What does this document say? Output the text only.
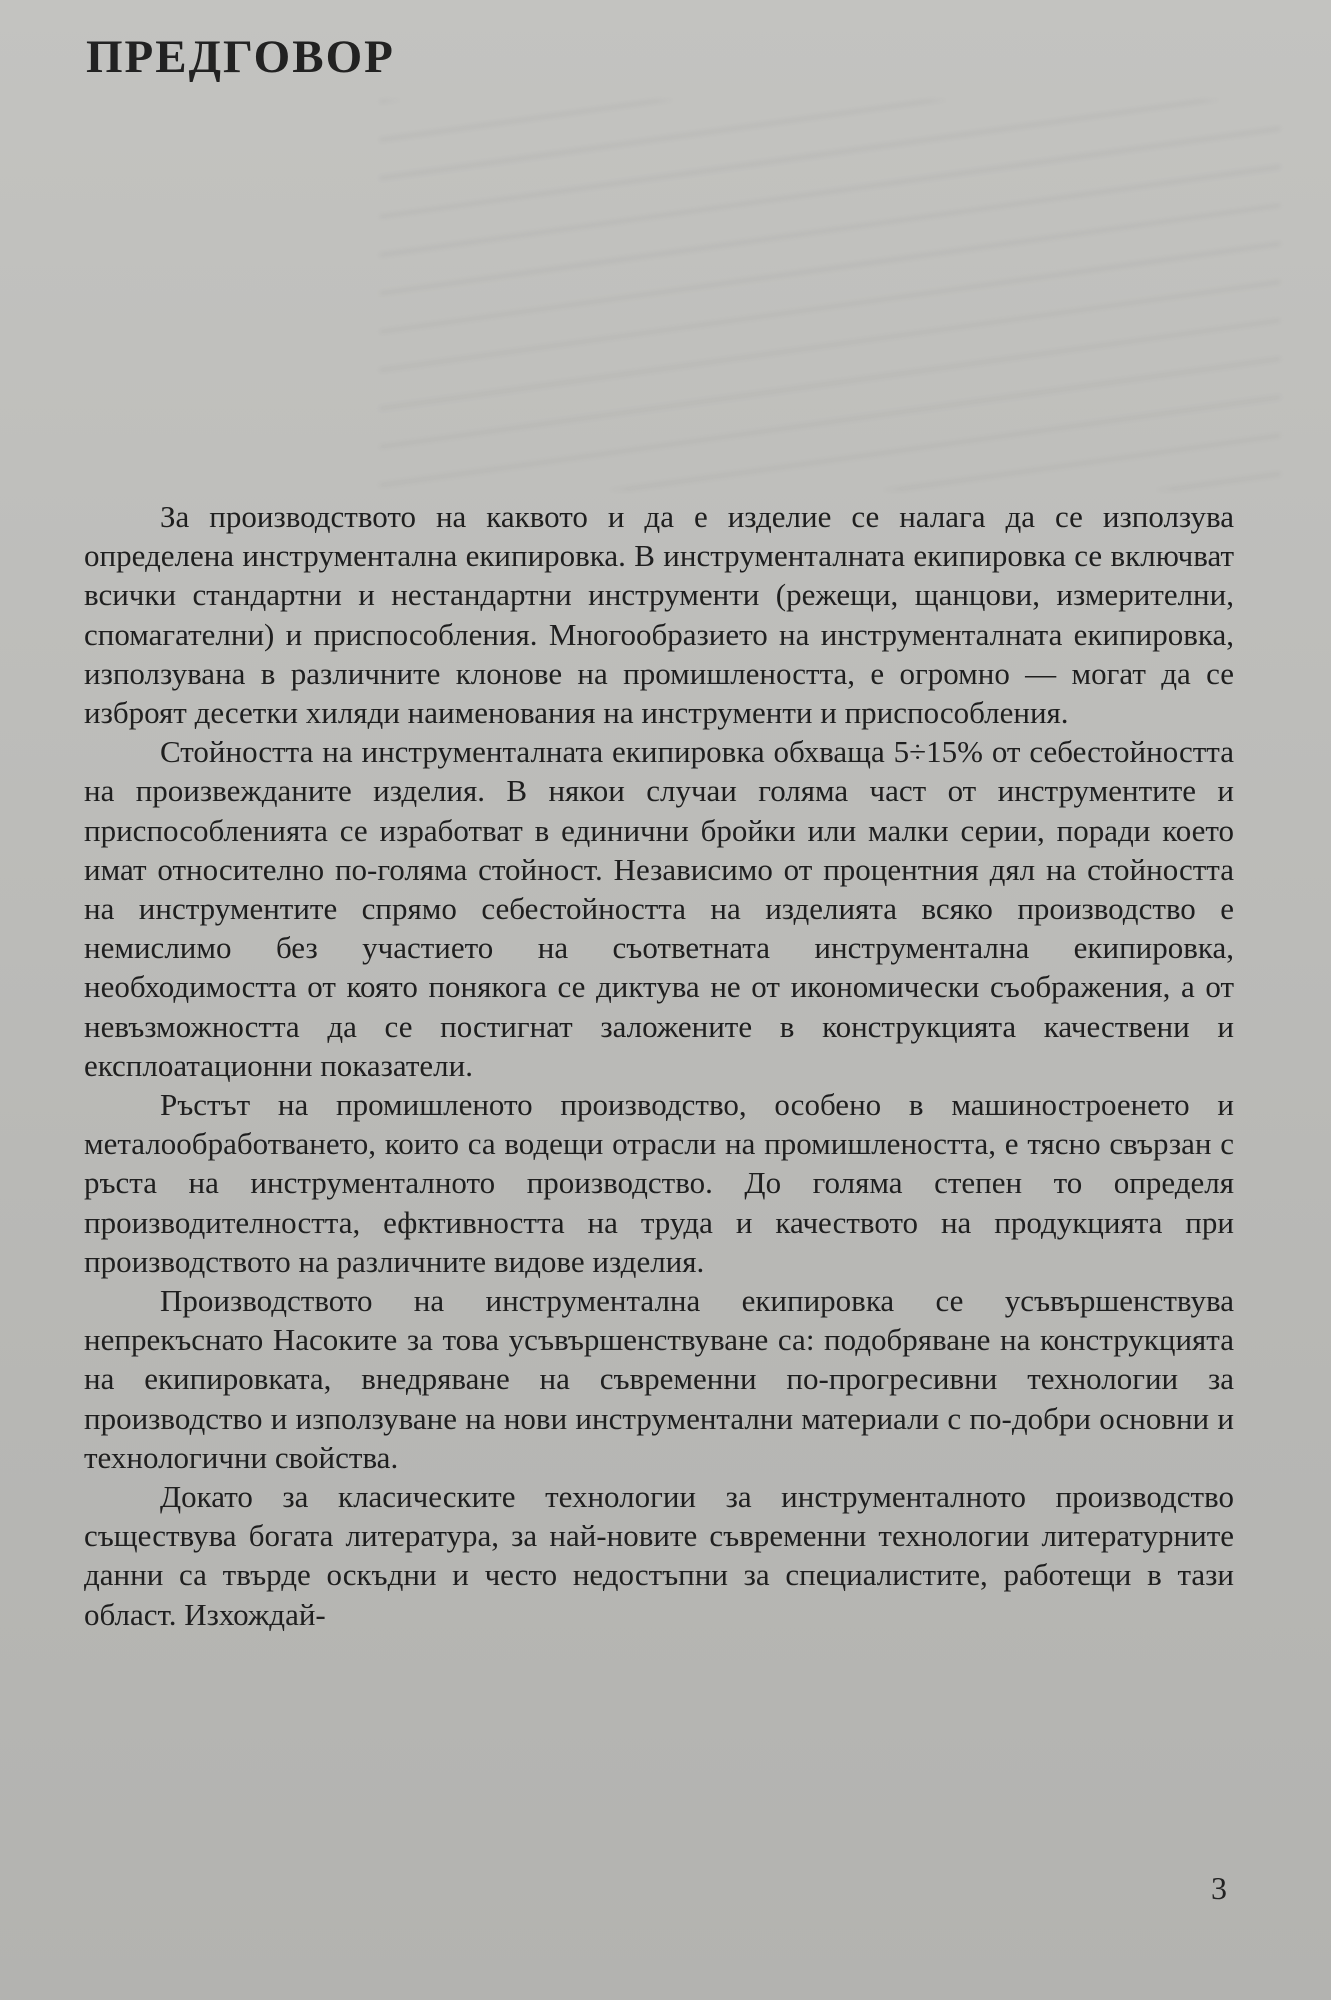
ПРЕДГОВОР

За производството на каквото и да е изделие се налага да се използува определена инструментална екипировка. В инструменталната екипировка се включват всички стандартни и нестандартни инструменти (режещи, щанцови, измерителни, спомагателни) и приспособления. Многообразието на инструменталната екипировка, използувана в различните клонове на промишлеността, е огромно — могат да се изброят десетки хиляди наименования на инструменти и приспособления.

Стойността на инструменталната екипировка обхваща 5÷15% от себестойността на произвежданите изделия. В някои случаи голяма част от инструментите и приспособленията се изработват в единични бройки или малки серии, поради което имат относително по-голяма стойност. Независимо от процентния дял на стойността на инструментите спрямо себестойността на изделията всяко производство е немислимо без участието на съответната инструментална екипировка, необходимостта от която понякога се диктува не от икономически съображения, а от невъзможността да се постигнат заложените в конструкцията качествени и експлоатационни показатели.

Ръстът на промишленото производство, особено в машиностроенето и металообработването, които са водещи отрасли на промишлеността, е тясно свързан с ръста на инструменталното производство. До голяма степен то определя производителността, ефктивността на труда и качеството на продукцията при производството на различните видове изделия.

Производството на инструментална екипировка се усъвършенствува непрекъснато Насоките за това усъвършенствуване са: подобряване на конструкцията на екипировката, внедряване на съвременни по-прогресивни технологии за производство и използуване на нови инструментални материали с по-добри основни и технологични свойства.

Докато за класическите технологии за инструменталното производство съществува богата литература, за най-новите съвременни технологии литературните данни са твърде оскъдни и често недостъпни за специалистите, работещи в тази област. Изхождай-

3
